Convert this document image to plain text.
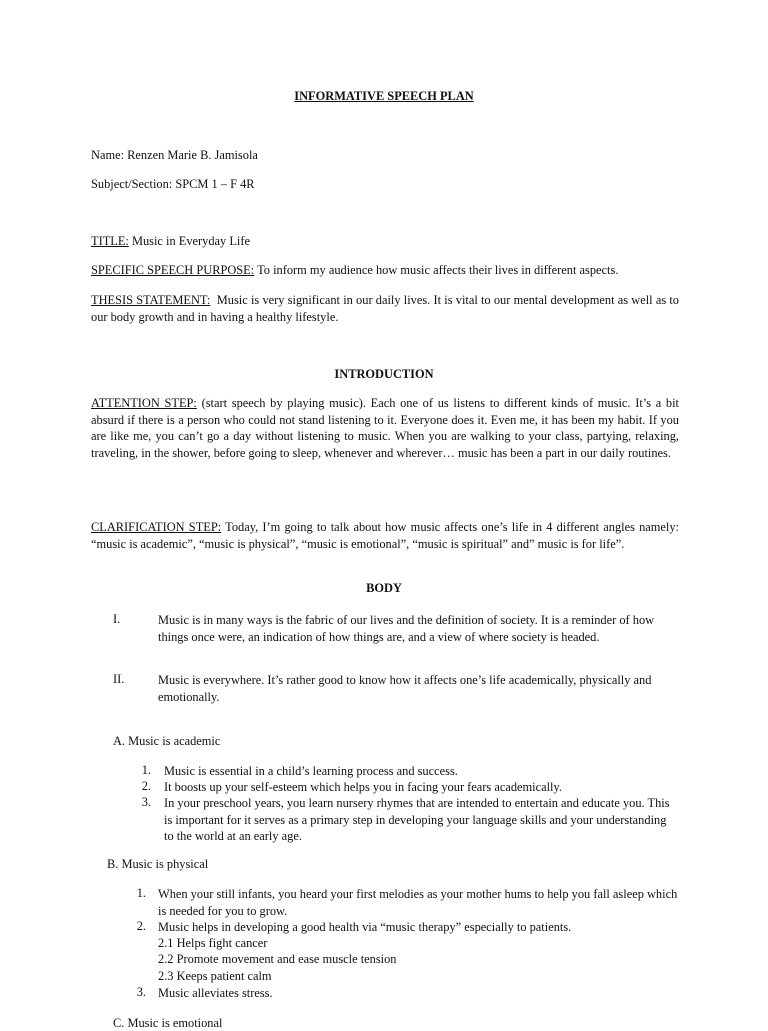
INFORMATIVE SPEECH PLAN
Name: Renzen Marie B. Jamisola
Subject/Section: SPCM 1 – F 4R
TITLE: Music in Everyday Life
SPECIFIC SPEECH PURPOSE: To inform my audience how music affects their lives in different aspects.
THESIS STATEMENT: Music is very significant in our daily lives. It is vital to our mental development as well as to our body growth and in having a healthy lifestyle.
INTRODUCTION
ATTENTION STEP: (start speech by playing music). Each one of us listens to different kinds of music. It’s a bit absurd if there is a person who could not stand listening to it. Everyone does it. Even me, it has been my habit. If you are like me, you can’t go a day without listening to music. When you are walking to your class, partying, relaxing, traveling, in the shower, before going to sleep, whenever and wherever… music has been a part in our daily routines.
CLARIFICATION STEP: Today, I’m going to talk about how music affects one’s life in 4 different angles namely: “music is academic”, “music is physical”, “music is emotional”, “music is spiritual” and” music is for life”.
BODY
I.	Music is in many ways is the fabric of our lives and the definition of society. It is a reminder of how things once were, an indication of how things are, and a view of where society is headed.
II.	Music is everywhere. It’s rather good to know how it affects one’s life academically, physically and emotionally.
A. Music is academic
1. Music is essential in a child’s learning process and success.
2. It boosts up your self-esteem which helps you in facing your fears academically.
3. In your preschool years, you learn nursery rhymes that are intended to entertain and educate you. This is important for it serves as a primary step in developing your language skills and your understanding to the world at an early age.
B. Music is physical
1. When your still infants, you heard your first melodies as your mother hums to help you fall asleep which is needed for you to grow.
2. Music helps in developing a good health via “music therapy” especially to patients.
2.1 Helps fight cancer
2.2 Promote movement and ease muscle tension
2.3 Keeps patient calm
3. Music alleviates stress.
C. Music is emotional
